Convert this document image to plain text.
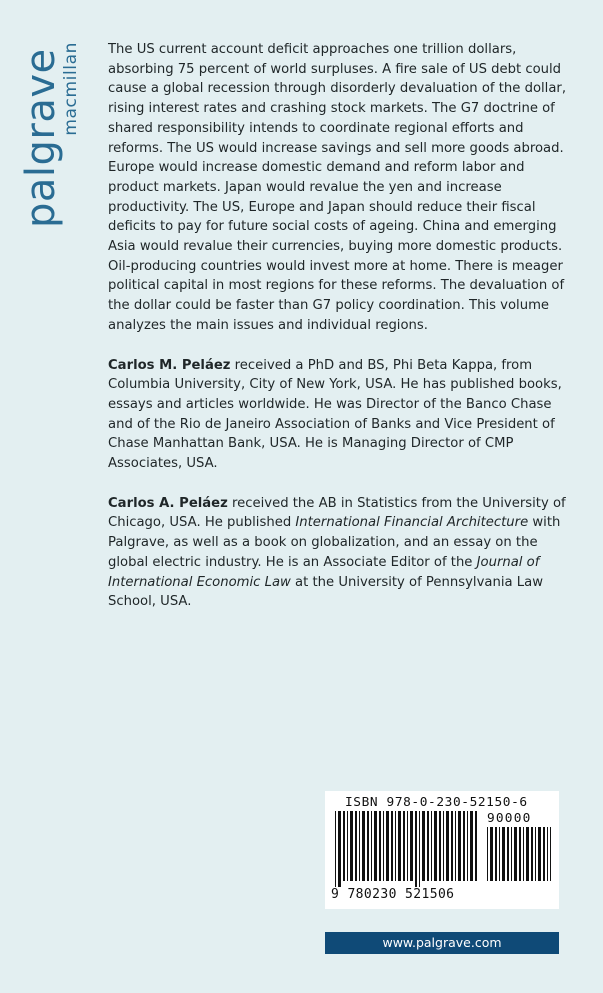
palgrave
macmillan The US current account deficit approaches one trillion dollars, absorbing 75 percent of world surpluses. A fire sale of US debt could cause a global recession through disorderly devaluation of the dollar, rising interest rates and crashing stock markets. The G7 doctrine of shared responsibility intends to coordinate regional efforts and reforms. The US would increase savings and sell more goods abroad. Europe would increase domestic demand and reform labor and product markets. Japan would revalue the yen and increase productivity. The US, Europe and Japan should reduce their fiscal deficits to pay for future social costs of ageing. China and emerging Asia would revalue their currencies, buying more domestic products. Oil-producing countries would invest more at home. There is meager political capital in most regions for these reforms. The devaluation of the dollar could be faster than G7 policy coordination. This volume analyzes the main issues and individual regions.

Carlos M. Peláez received a PhD and BS, Phi Beta Kappa, from Columbia University, City of New York, USA. He has published books, essays and articles worldwide. He was Director of the Banco Chase and of the Rio de Janeiro Association of Banks and Vice President of Chase Manhattan Bank, USA. He is Managing Director of CMP Associates, USA.

Carlos A. Peláez received the AB in Statistics from the University of Chicago, USA. He published International Financial Architecture with Palgrave, as well as a book on globalization, and an essay on the global electric industry. He is an Associate Editor of the Journal of International Economic Law at the University of Pennsylvania Law School, USA.

ISBN 978-0-230-52150-6
90000
9 780230 521506
www.palgrave.com
